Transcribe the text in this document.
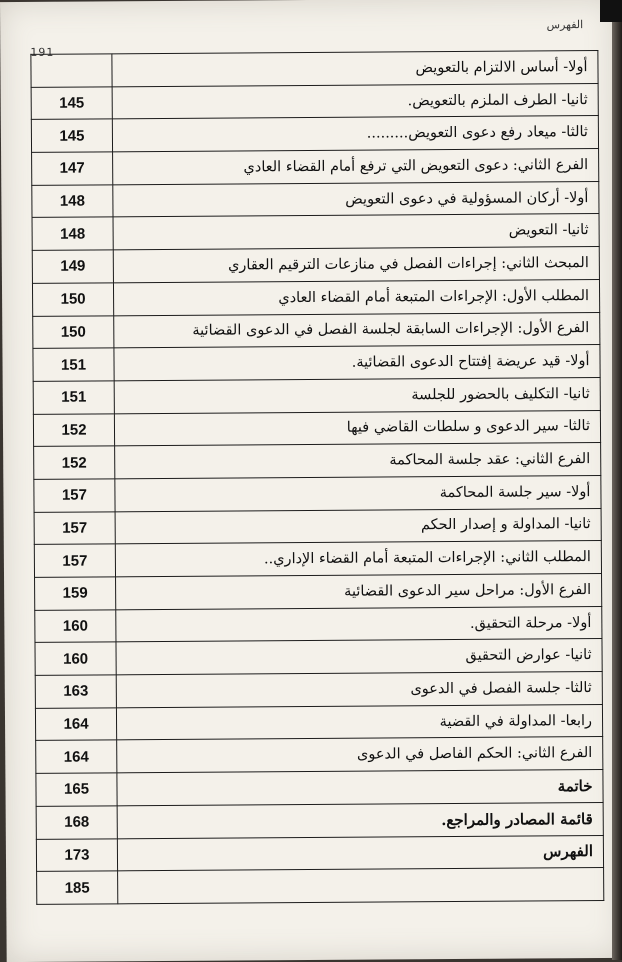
الفهرس
191
أولا- أساس الالتزام بالتعويض	
ثانيا- الطرف الملزم بالتعويض.	145
ثالثا- ميعاد رفع دعوى التعويض.........	145
الفرع الثاني: دعوى التعويض التي ترفع أمام القضاء العادي	147
أولا- أركان المسؤولية في دعوى التعويض	148
ثانيا- التعويض	148
المبحث الثاني: إجراءات الفصل في منازعات الترقيم العقاري	149
المطلب الأول: الإجراءات المتبعة أمام القضاء العادي	150
الفرع الأول: الإجراءات السابقة لجلسة الفصل في الدعوى القضائية	150
أولا- قيد عريضة إفتتاح الدعوى القضائية.	151
ثانيا- التكليف بالحضور للجلسة	151
ثالثا- سير الدعوى و سلطات القاضي فيها	152
الفرع الثاني: عقد جلسة المحاكمة	152
أولا- سير جلسة المحاكمة	157
ثانيا- المداولة و إصدار الحكم	157
المطلب الثاني: الإجراءات المتبعة أمام القضاء الإداري..	157
الفرع الأول: مراحل سير الدعوى القضائية	159
أولا- مرحلة التحقيق.	160
ثانيا- عوارض التحقيق	160
ثالثا- جلسة الفصل في الدعوى	163
رابعا- المداولة في القضية	164
الفرع الثاني: الحكم الفاصل في الدعوى	164
خاتمة	165
قائمة المصادر والمراجع.	168
الفهرس	173
	185
